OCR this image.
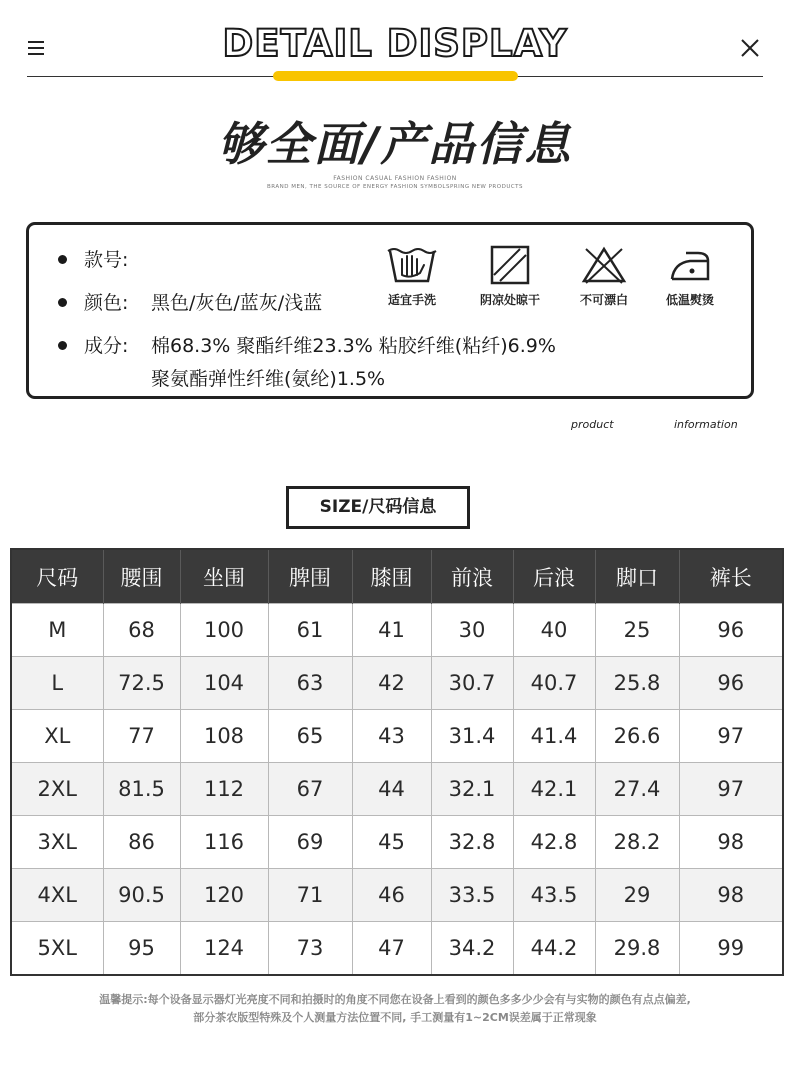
DETAIL DISPLAY
够全面/产品信息
FASHION CASUAL FASHION FASHION
BRAND MEN, THE SOURCE OF ENERGY FASHION SYMBOLSPRING NEW PRODUCTS
款号:
颜色: 黑色/灰色/蓝灰/浅蓝
成分: 棉68.3% 聚酯纤维23.3% 粘胶纤维(粘纤)6.9%
聚氨酯弹性纤维(氨纶)1.5%
适宜手洗	阴凉处晾干	不可漂白	低温熨烫
product	information
SIZE/尺码信息
尺码	腰围	坐围	脾围	膝围	前浪	后浪	脚口	裤长
M	68	100	61	41	30	40	25	96
L	72.5	104	63	42	30.7	40.7	25.8	96
XL	77	108	65	43	31.4	41.4	26.6	97
2XL	81.5	112	67	44	32.1	42.1	27.4	97
3XL	86	116	69	45	32.8	42.8	28.2	98
4XL	90.5	120	71	46	33.5	43.5	29	98
5XL	95	124	73	47	34.2	44.2	29.8	99
温馨提示:每个设备显示器灯光亮度不同和拍摄时的角度不同您在设备上看到的颜色多多少少会有与实物的颜色有点点偏差,
部分茶农版型特殊及个人测量方法位置不同, 手工测量有1~2CM误差属于正常现象
